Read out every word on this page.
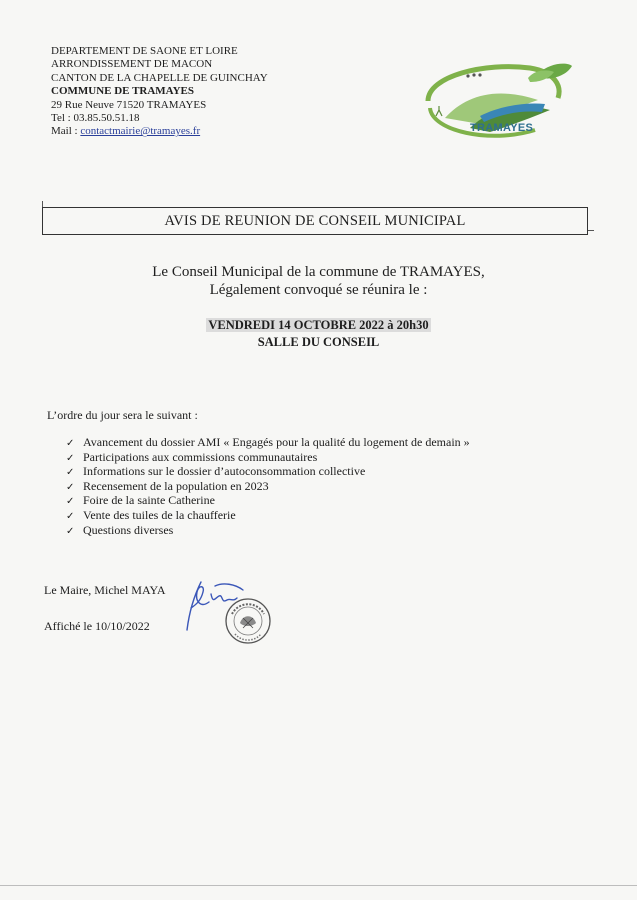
DEPARTEMENT DE SAONE ET LOIRE
ARRONDISSEMENT DE MACON
CANTON DE LA CHAPELLE DE GUINCHAY
COMMUNE DE TRAMAYES
29 Rue Neuve 71520 TRAMAYES
Tel : 03.85.50.51.18
Mail : contactmairie@tramayes.fr	TRAMAYES
AVIS DE REUNION DE CONSEIL MUNICIPAL
Le Conseil Municipal de la commune de TRAMAYES,
Légalement convoqué se réunira le :
VENDREDI 14 OCTOBRE 2022 à 20h30
SALLE DU CONSEIL
L’ordre du jour sera le suivant :
✓ Avancement du dossier AMI « Engagés pour la qualité du logement de demain »
✓ Participations aux commissions communautaires
✓ Informations sur le dossier d’autoconsommation collective
✓ Recensement de la population en 2023
✓ Foire de la sainte Catherine
✓ Vente des tuiles de la chaufferie
✓ Questions diverses
Le Maire, Michel MAYA
Affiché le 10/10/2022
